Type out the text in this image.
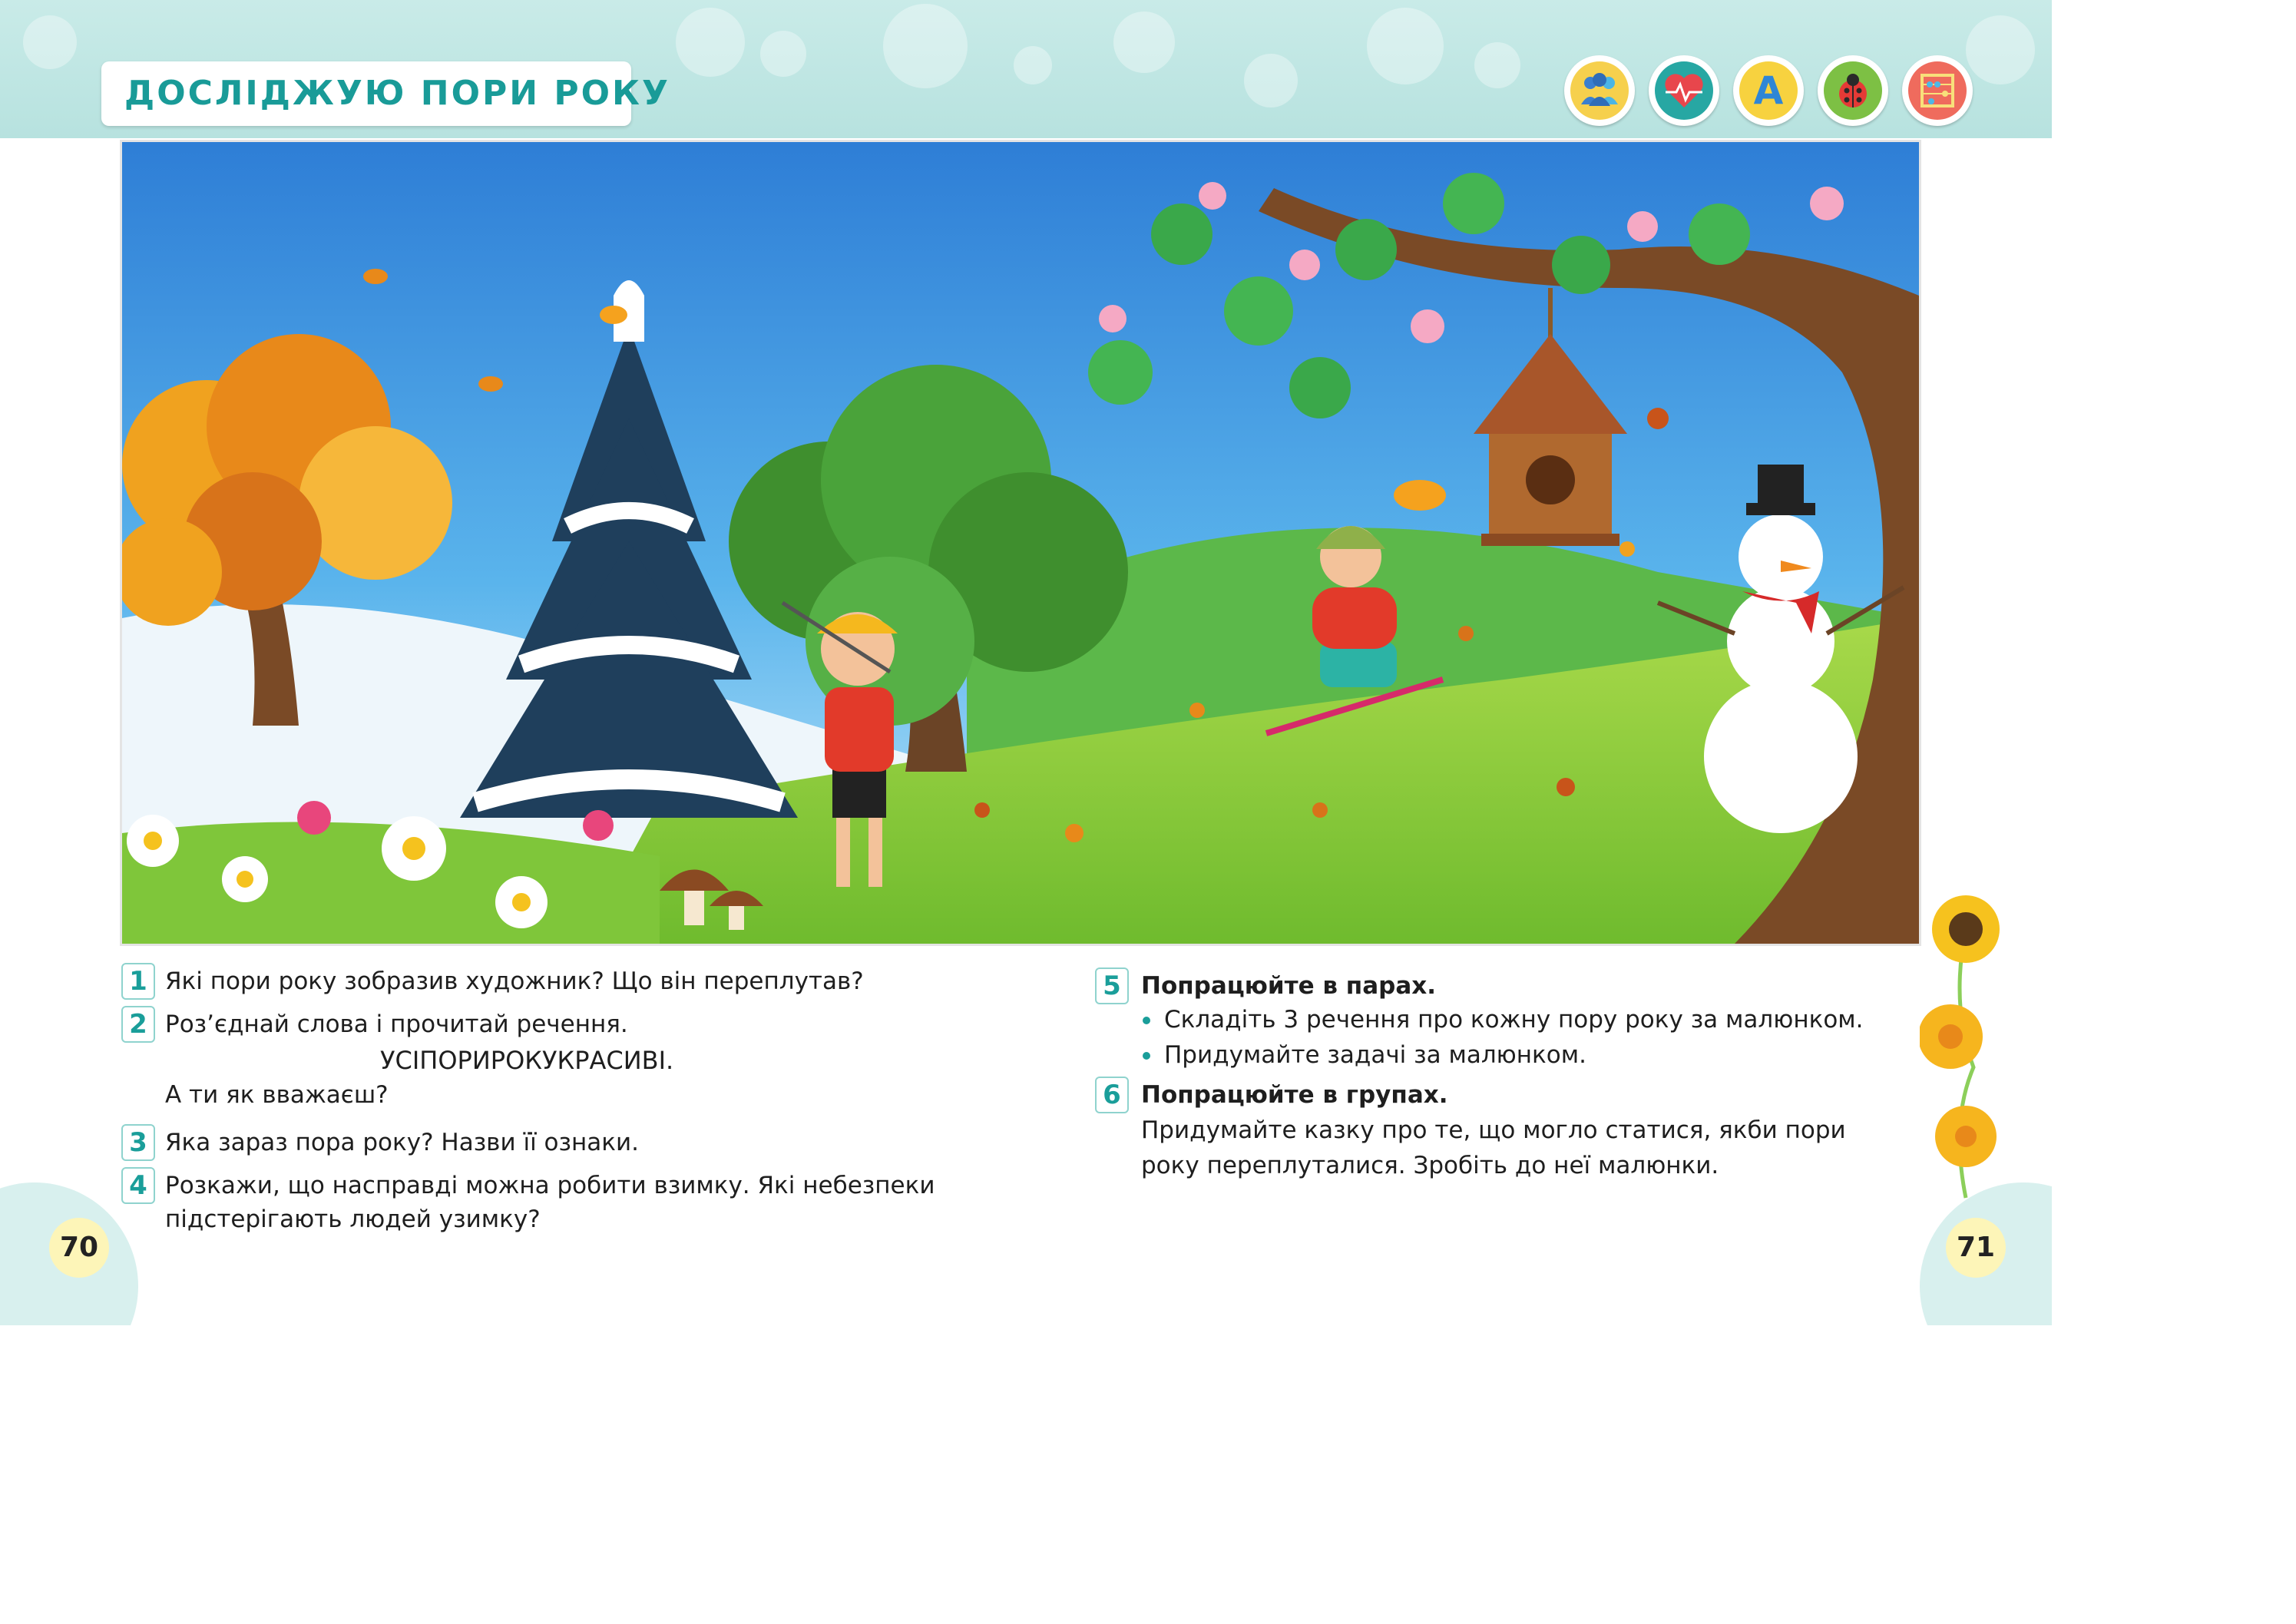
ДОСЛІДЖУЮ ПОРИ РОКУ	А
1 Які пори року зобразив художник? Що він переплутав?
2 Роз’єднай слова і прочитай речення.
УСІПОРИРОКУКРАСИВІ.
А ти як вважаєш?
3 Яка зараз пора року? Назви її ознаки.
4 Розкажи, що насправді можна робити взимку. Які небезпеки
підстерігають людей узимку?
5 Попрацюйте в парах.
Складіть 3 речення про кожну пору року за малюнком.
Придумайте задачі за малюнком.
6 Попрацюйте в групах.
Придумайте казку про те, що могло статися, якби пори
року переплуталися. Зробіть до неї малюнки.
70	71
